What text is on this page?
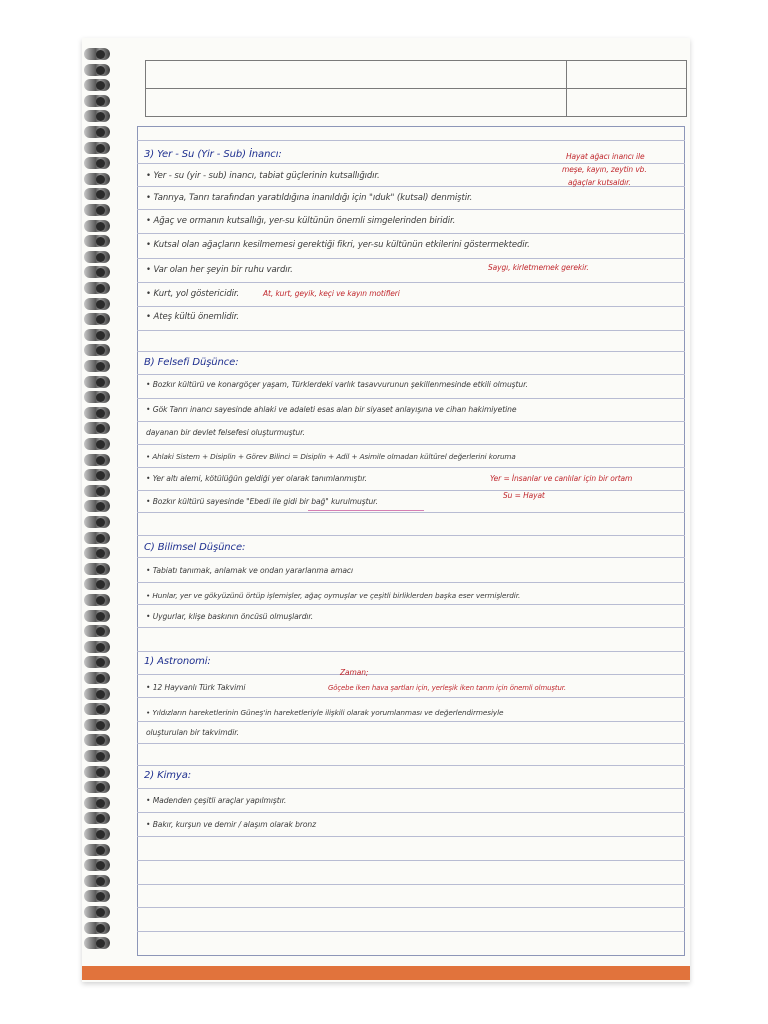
3) Yer - Su (Yir - Sub) İnancı:
• Yer - su (yir - sub) inancı, tabiat güçlerinin kutsallığıdır.
• Tanrıya, Tanrı tarafından yaratıldığına inanıldığı için "ıduk" (kutsal) denmiştir.
• Ağaç ve ormanın kutsallığı, yer-su kültünün önemli simgelerinden biridir.
• Kutsal olan ağaçların kesilmemesi gerektiği fikri, yer-su kültünün etkilerini göstermektedir.
• Var olan her şeyin bir ruhu vardır.
• Kurt, yol göstericidir.
• Ateş kültü önemlidir.
Hayat ağacı inancı ile
meşe, kayın, zeytin vb.
ağaçlar kutsaldır.
Saygı, kirletmemek gerekir.
At, kurt, geyik, keçi ve kayın motifleri
B) Felsefi Düşünce:
• Bozkır kültürü ve konargöçer yaşam, Türklerdeki varlık tasavvurunun şekillenmesinde etkili olmuştur.
• Gök Tanrı inancı sayesinde ahlaki ve adaleti esas alan bir siyaset anlayışına ve cihan hakimiyetine
dayanan bir devlet felsefesi oluşturmuştur.
• Ahlaki Sistem + Disiplin + Görev Bilinci = Disiplin + Adil + Asimile olmadan kültürel değerlerini koruma
• Yer altı alemi, kötülüğün geldiği yer olarak tanımlanmıştır.
• Bozkır kültürü sayesinde "Ebedi ile gidi bir bağ" kurulmuştur.
Yer = İnsanlar ve canlılar için bir ortam
Su = Hayat
C) Bilimsel Düşünce:
• Tabiatı tanımak, anlamak ve ondan yararlanma amacı
• Hunlar, yer ve gökyüzünü örtüp işlemişler, ağaç oymuşlar ve çeşitli birliklerden başka eser vermişlerdir.
• Uygurlar, klişe baskının öncüsü olmuşlardır.
1) Astronomi:
• 12 Hayvanlı Türk Takvimi
• Yıldızların hareketlerinin Güneş'in hareketleriyle ilişkili olarak yorumlanması ve değerlendirmesiyle
oluşturulan bir takvimdir.
Zaman;
Göçebe iken hava şartları için, yerleşik iken tarım için önemli olmuştur.
2) Kimya:
• Madenden çeşitli araçlar yapılmıştır.
• Bakır, kurşun ve demir / alaşım olarak bronz
